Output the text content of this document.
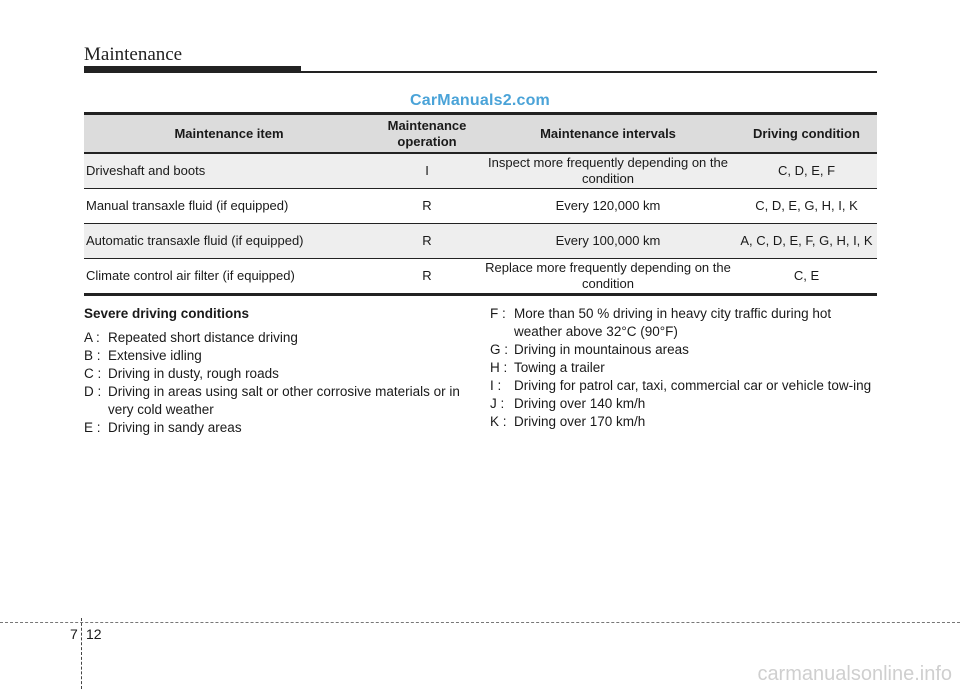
Maintenance
CarManuals2.com
Maintenance item	Maintenance operation	Maintenance intervals	Driving condition
Driveshaft and boots	I	Inspect more frequently depending on the condition	C, D, E, F
Manual transaxle fluid (if equipped)	R	Every 120,000 km	C, D, E, G, H, I, K
Automatic transaxle fluid (if equipped)	R	Every 100,000 km	A, C, D, E, F, G, H, I, K
Climate control air filter (if equipped)	R	Replace more frequently depending on the condition	C, E
Severe driving conditions
A : Repeated short distance driving
B : Extensive idling
C : Driving in dusty, rough roads
D : Driving in areas using salt or other corrosive materials or in very cold weather
E : Driving in sandy areas
F : More than 50 % driving in heavy city traffic during hot weather above 32°C (90°F)
G : Driving in mountainous areas
H : Towing a trailer
I : Driving for patrol car, taxi, commercial car or vehicle tow-ing
J : Driving over 140 km/h
K : Driving over 170 km/h
7 12
carmanualsonline.info
